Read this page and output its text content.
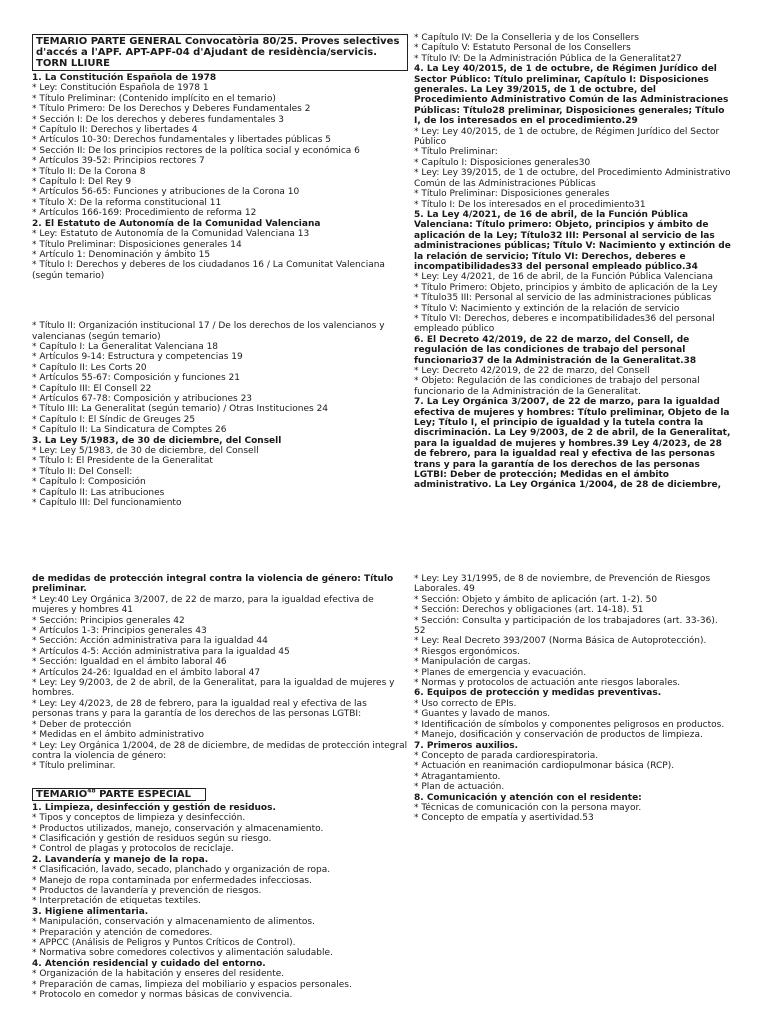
TEMARIO PARTE GENERAL Convocatòria 80/25. Proves selectives d'accés a l'APF. APT-APF-04 d'Ajudant de residència/servicis. TORN LLIURE
1. La Constitución Española de 1978
* Ley: Constitución Española de 1978 1
* Título Preliminar: (Contenido implícito en el temario)
* Título Primero: De los Derechos y Deberes Fundamentales 2
* Sección I: De los derechos y deberes fundamentales 3
* Capítulo II: Derechos y libertades 4
* Artículos 10-30: Derechos fundamentales y libertades públicas 5
* Sección II: De los principios rectores de la política social y económica 6
* Artículos 39-52: Principios rectores 7
* Título II: De la Corona 8
* Capítulo I: Del Rey 9
* Artículos 56-65: Funciones y atribuciones de la Corona 10
* Título X: De la reforma constitucional 11
* Artículos 166-169: Procedimiento de reforma 12
2. El Estatuto de Autonomía de la Comunidad Valenciana
* Ley: Estatuto de Autonomía de la Comunidad Valenciana 13
* Título Preliminar: Disposiciones generales 14
* Artículo 1: Denominación y ámbito 15
* Título I: Derechos y deberes de los ciudadanos 16 / La Comunitat Valenciana (según temario)
* Título II: Organización institucional 17 / De los derechos de los valencianos y valencianas (según temario)
* Capítulo I: La Generalitat Valenciana 18
* Artículos 9-14: Estructura y competencias 19
* Capítulo II: Les Corts 20
* Artículos 55-67: Composición y funciones 21
* Capítulo III: El Consell 22
* Artículos 67-78: Composición y atribuciones 23
* Título III: La Generalitat (según temario) / Otras Instituciones 24
* Capítulo I: El Síndic de Greuges 25
* Capítulo II: La Sindicatura de Comptes 26
3. La Ley 5/1983, de 30 de diciembre, del Consell
* Ley: Ley 5/1983, de 30 de diciembre, del Consell
* Título I: El Presidente de la Generalitat
* Título II: Del Consell:
* Capítulo I: Composición
* Capítulo II: Las atribuciones
* Capítulo III: Del funcionamiento
* Capítulo IV: De la Conselleria y de los Consellers
* Capítulo V: Estatuto Personal de los Consellers
* Título IV: De la Administración Pública de la Generalitat27
4. La Ley 40/2015, de 1 de octubre, de Régimen Jurídico del Sector Público: Título preliminar, Capítulo I: Disposiciones generales. La Ley 39/2015, de 1 de octubre, del Procedimiento Administrativo Común de las Administraciones Públicas: Título28 preliminar, Disposiciones generales; Título I, de los interesados en el procedimiento.29
* Ley: Ley 40/2015, de 1 de octubre, de Régimen Jurídico del Sector Público
* Título Preliminar:
* Capítulo I: Disposiciones generales30
* Ley: Ley 39/2015, de 1 de octubre, del Procedimiento Administrativo Común de las Administraciones Públicas
* Título Preliminar: Disposiciones generales
* Título I: De los interesados en el procedimiento31
5. La Ley 4/2021, de 16 de abril, de la Función Pública Valenciana: Título primero: Objeto, principios y ámbito de aplicación de la Ley; Título32 III: Personal al servicio de las administraciones públicas; Título V: Nacimiento y extinción de la relación de servicio; Título VI: Derechos, deberes e incompatibilidades33 del personal empleado público.34
* Ley: Ley 4/2021, de 16 de abril, de la Función Pública Valenciana
* Título Primero: Objeto, principios y ámbito de aplicación de la Ley
* Título35 III: Personal al servicio de las administraciones públicas
* Título V: Nacimiento y extinción de la relación de servicio
* Título VI: Derechos, deberes e incompatibilidades36 del personal empleado público
6. El Decreto 42/2019, de 22 de marzo, del Consell, de regulación de las condiciones de trabajo del personal funcionario37 de la Administración de la Generalitat.38
* Ley: Decreto 42/2019, de 22 de marzo, del Consell
* Objeto: Regulación de las condiciones de trabajo del personal funcionario de la Administración de la Generalitat.
7. La Ley Orgánica 3/2007, de 22 de marzo, para la igualdad efectiva de mujeres y hombres: Título preliminar, Objeto de la Ley; Título I, el principio de igualdad y la tutela contra la discriminación. La Ley 9/2003, de 2 de abril, de la Generalitat, para la igualdad de mujeres y hombres.39 Ley 4/2023, de 28 de febrero, para la igualdad real y efectiva de las personas trans y para la garantía de los derechos de las personas LGTBI: Deber de protección; Medidas en el ámbito administrativo. La Ley Orgánica 1/2004, de 28 de diciembre,
de medidas de protección integral contra la violencia de género: Título preliminar.
* Ley:40 Ley Orgánica 3/2007, de 22 de marzo, para la igualdad efectiva de mujeres y hombres 41
* Sección: Principios generales 42
* Artículos 1-3: Principios generales 43
* Sección: Acción administrativa para la igualdad 44
* Artículos 4-5: Acción administrativa para la igualdad 45
* Sección: Igualdad en el ámbito laboral 46
* Artículos 24-26: Igualdad en el ámbito laboral 47
* Ley: Ley 9/2003, de 2 de abril, de la Generalitat, para la igualdad de mujeres y hombres.
* Ley: Ley 4/2023, de 28 de febrero, para la igualdad real y efectiva de las personas trans y para la garantía de los derechos de las personas LGTBI:
* Deber de protección
* Medidas en el ámbito administrativo
* Ley: Ley Orgánica 1/2004, de 28 de diciembre, de medidas de protección integral contra la violencia de género:
* Título preliminar.
TEMARIO$^{48}$ PARTE ESPECIAL
1. Limpieza, desinfección y gestión de residuos.
* Tipos y conceptos de limpieza y desinfección.
* Productos utilizados, manejo, conservación y almacenamiento.
* Clasificación y gestión de residuos según su riesgo.
* Control de plagas y protocolos de reciclaje.
2. Lavandería y manejo de la ropa.
* Clasificación, lavado, secado, planchado y organización de ropa.
* Manejo de ropa contaminada por enfermedades infecciosas.
* Productos de lavandería y prevención de riesgos.
* Interpretación de etiquetas textiles.
3. Higiene alimentaria.
* Manipulación, conservación y almacenamiento de alimentos.
* Preparación y atención de comedores.
* APPCC (Análisis de Peligros y Puntos Críticos de Control).
* Normativa sobre comedores colectivos y alimentación saludable.
4. Atención residencial y cuidado del entorno.
* Organización de la habitación y enseres del residente.
* Preparación de camas, limpieza del mobiliario y espacios personales.
* Protocolo en comedor y normas básicas de convivencia.
* Ley: Ley 31/1995, de 8 de noviembre, de Prevención de Riesgos Laborales. 49
* Sección: Objeto y ámbito de aplicación (art. 1-2). 50
* Sección: Derechos y obligaciones (art. 14-18). 51
* Sección: Consulta y participación de los trabajadores (art. 33-36). 52
* Ley: Real Decreto 393/2007 (Norma Básica de Autoprotección).
* Riesgos ergonómicos.
* Manipulación de cargas.
* Planes de emergencia y evacuación.
* Normas y protocolos de actuación ante riesgos laborales.
6. Equipos de protección y medidas preventivas.
* Uso correcto de EPIs.
* Guantes y lavado de manos.
* Identificación de símbolos y componentes peligrosos en productos.
* Manejo, dosificación y conservación de productos de limpieza.
7. Primeros auxilios.
* Concepto de parada cardiorespiratoria.
* Actuación en reanimación cardiopulmonar básica (RCP).
* Atragantamiento.
* Plan de actuación.
8. Comunicación y atención con el residente:
* Técnicas de comunicación con la persona mayor.
* Concepto de empatía y asertividad.53
